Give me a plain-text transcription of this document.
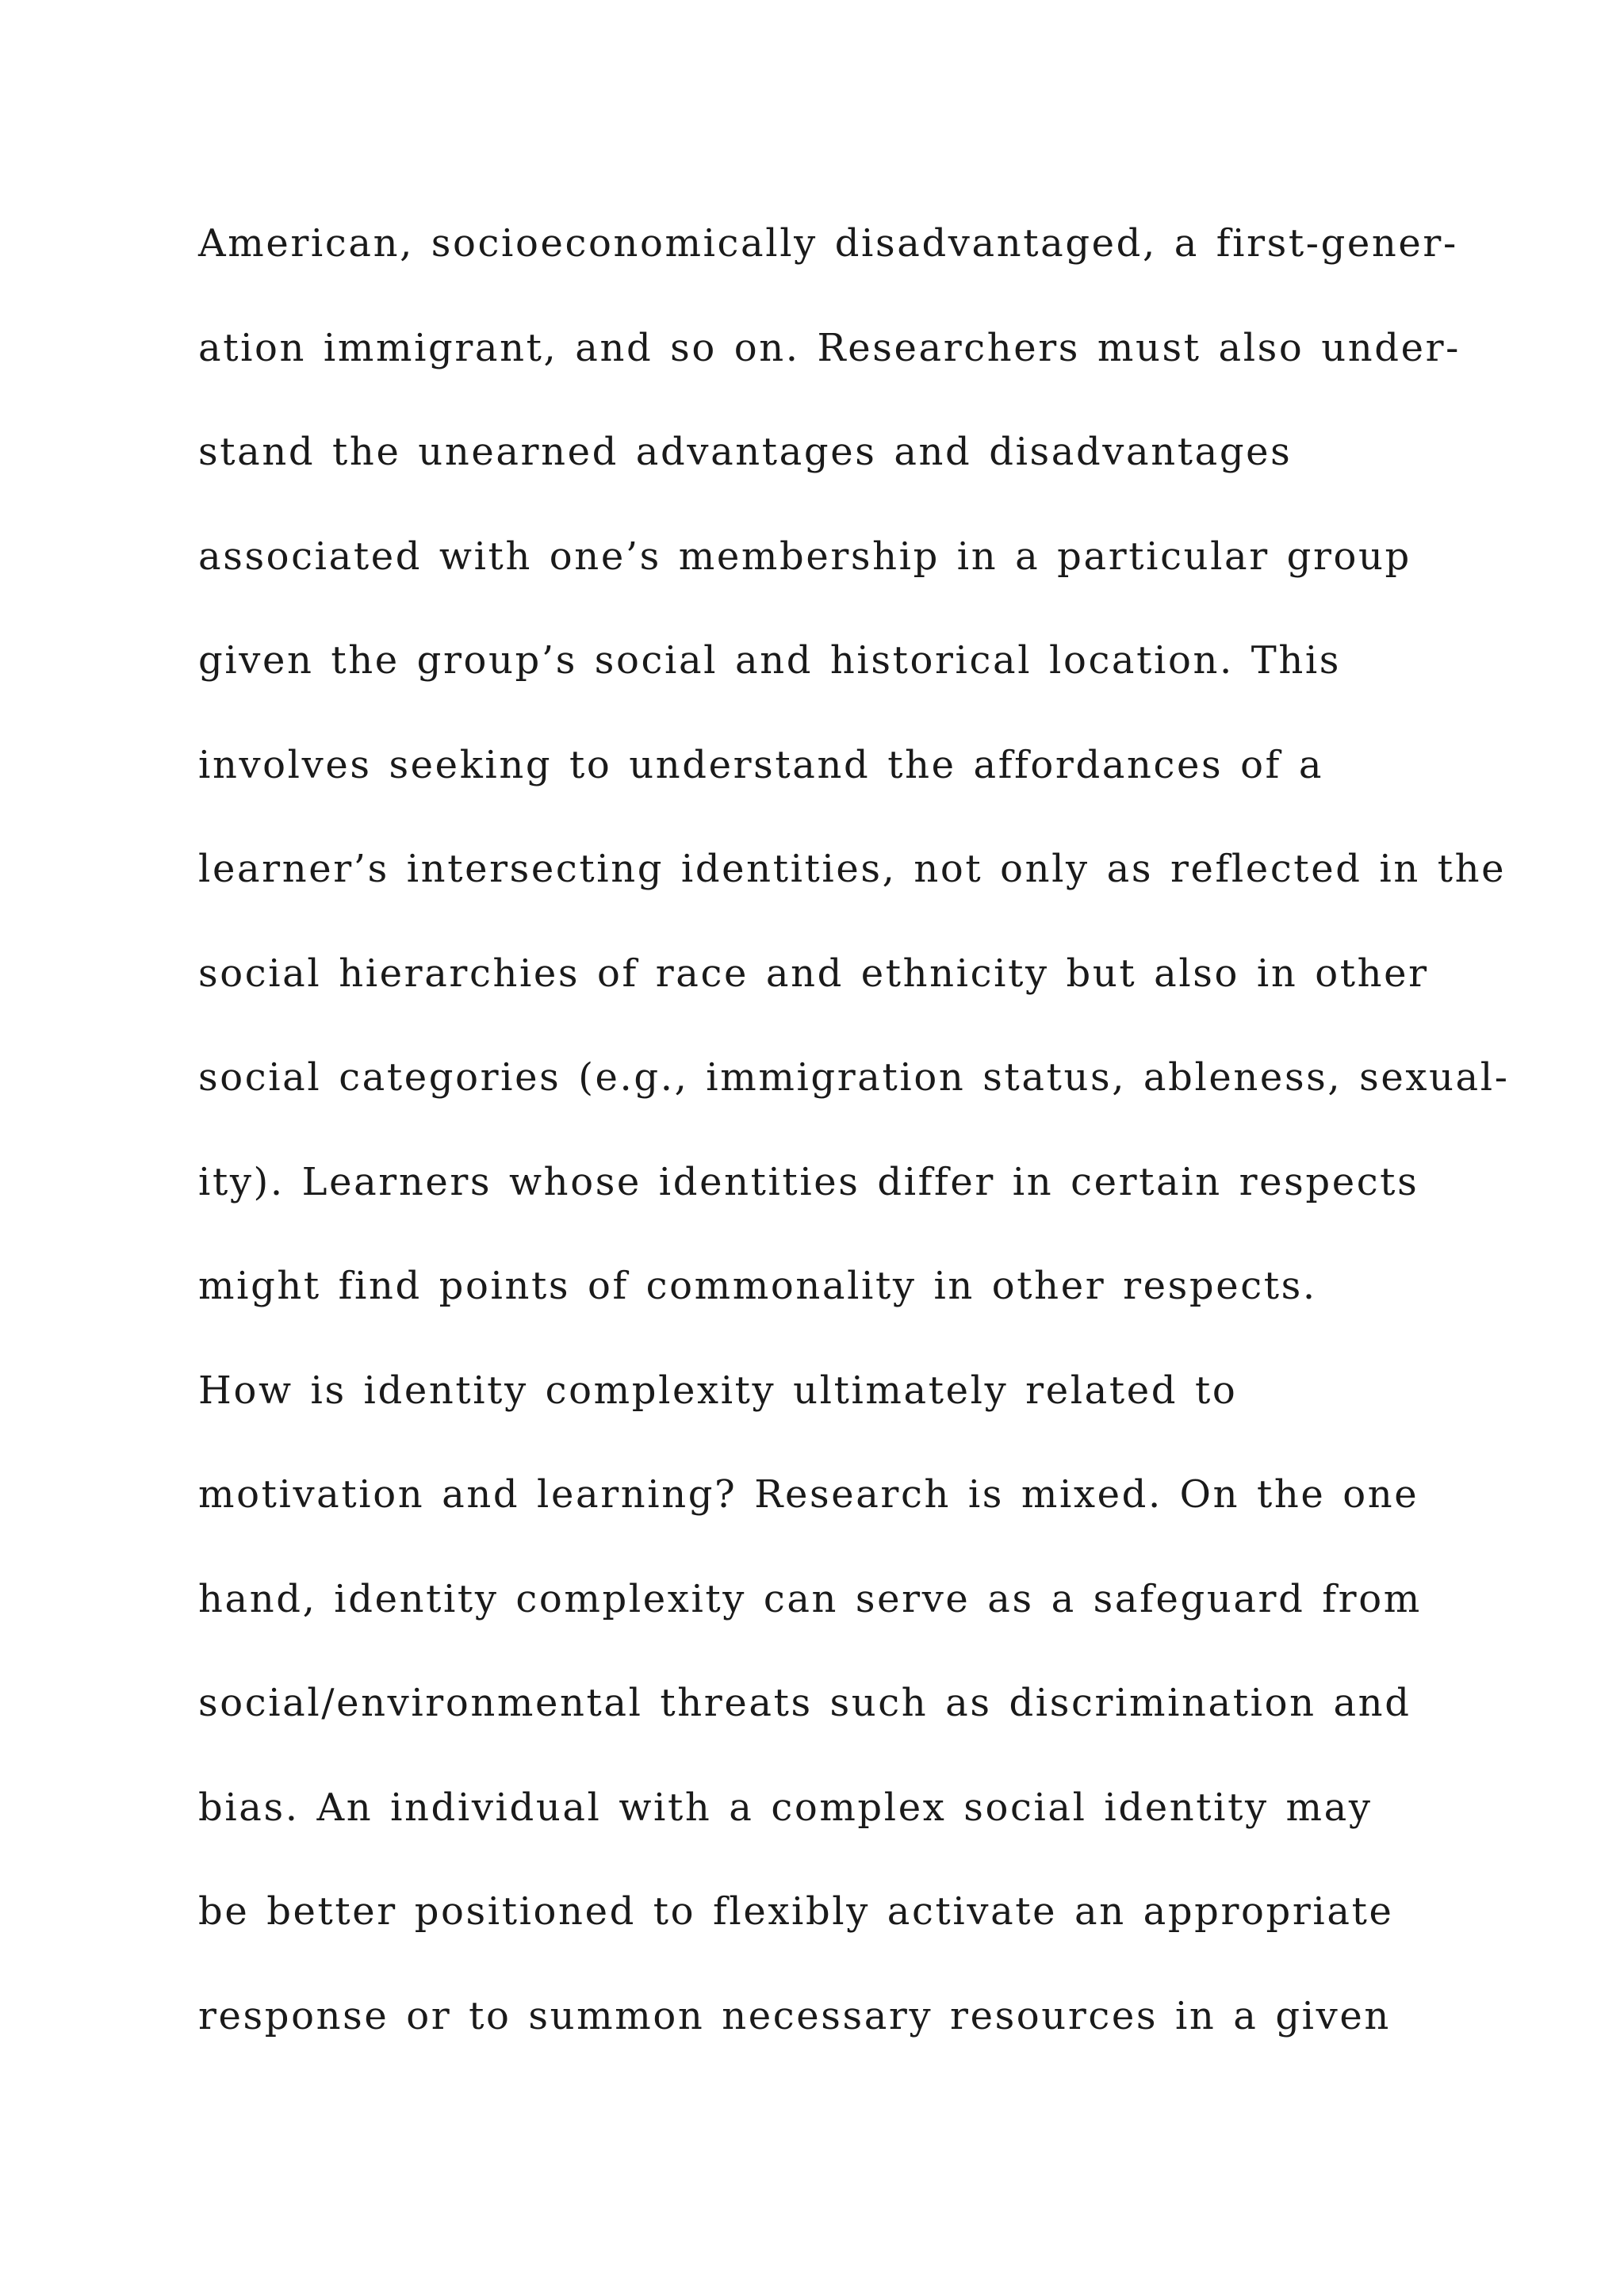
American, socioeconomically disadvantaged, a first-gener-
ation immigrant, and so on. Researchers must also under-
stand the unearned advantages and disadvantages
associated with one’s membership in a particular group
given the group’s social and historical location. This
involves seeking to understand the affordances of a
learner’s intersecting identities, not only as reflected in the
social hierarchies of race and ethnicity but also in other
social categories (e.g., immigration status, ableness, sexual-
ity). Learners whose identities differ in certain respects
might find points of commonality in other respects.
How is identity complexity ultimately related to
motivation and learning? Research is mixed. On the one
hand, identity complexity can serve as a safeguard from
social/environmental threats such as discrimination and
bias. An individual with a complex social identity may
be better positioned to flexibly activate an appropriate
response or to summon necessary resources in a given
